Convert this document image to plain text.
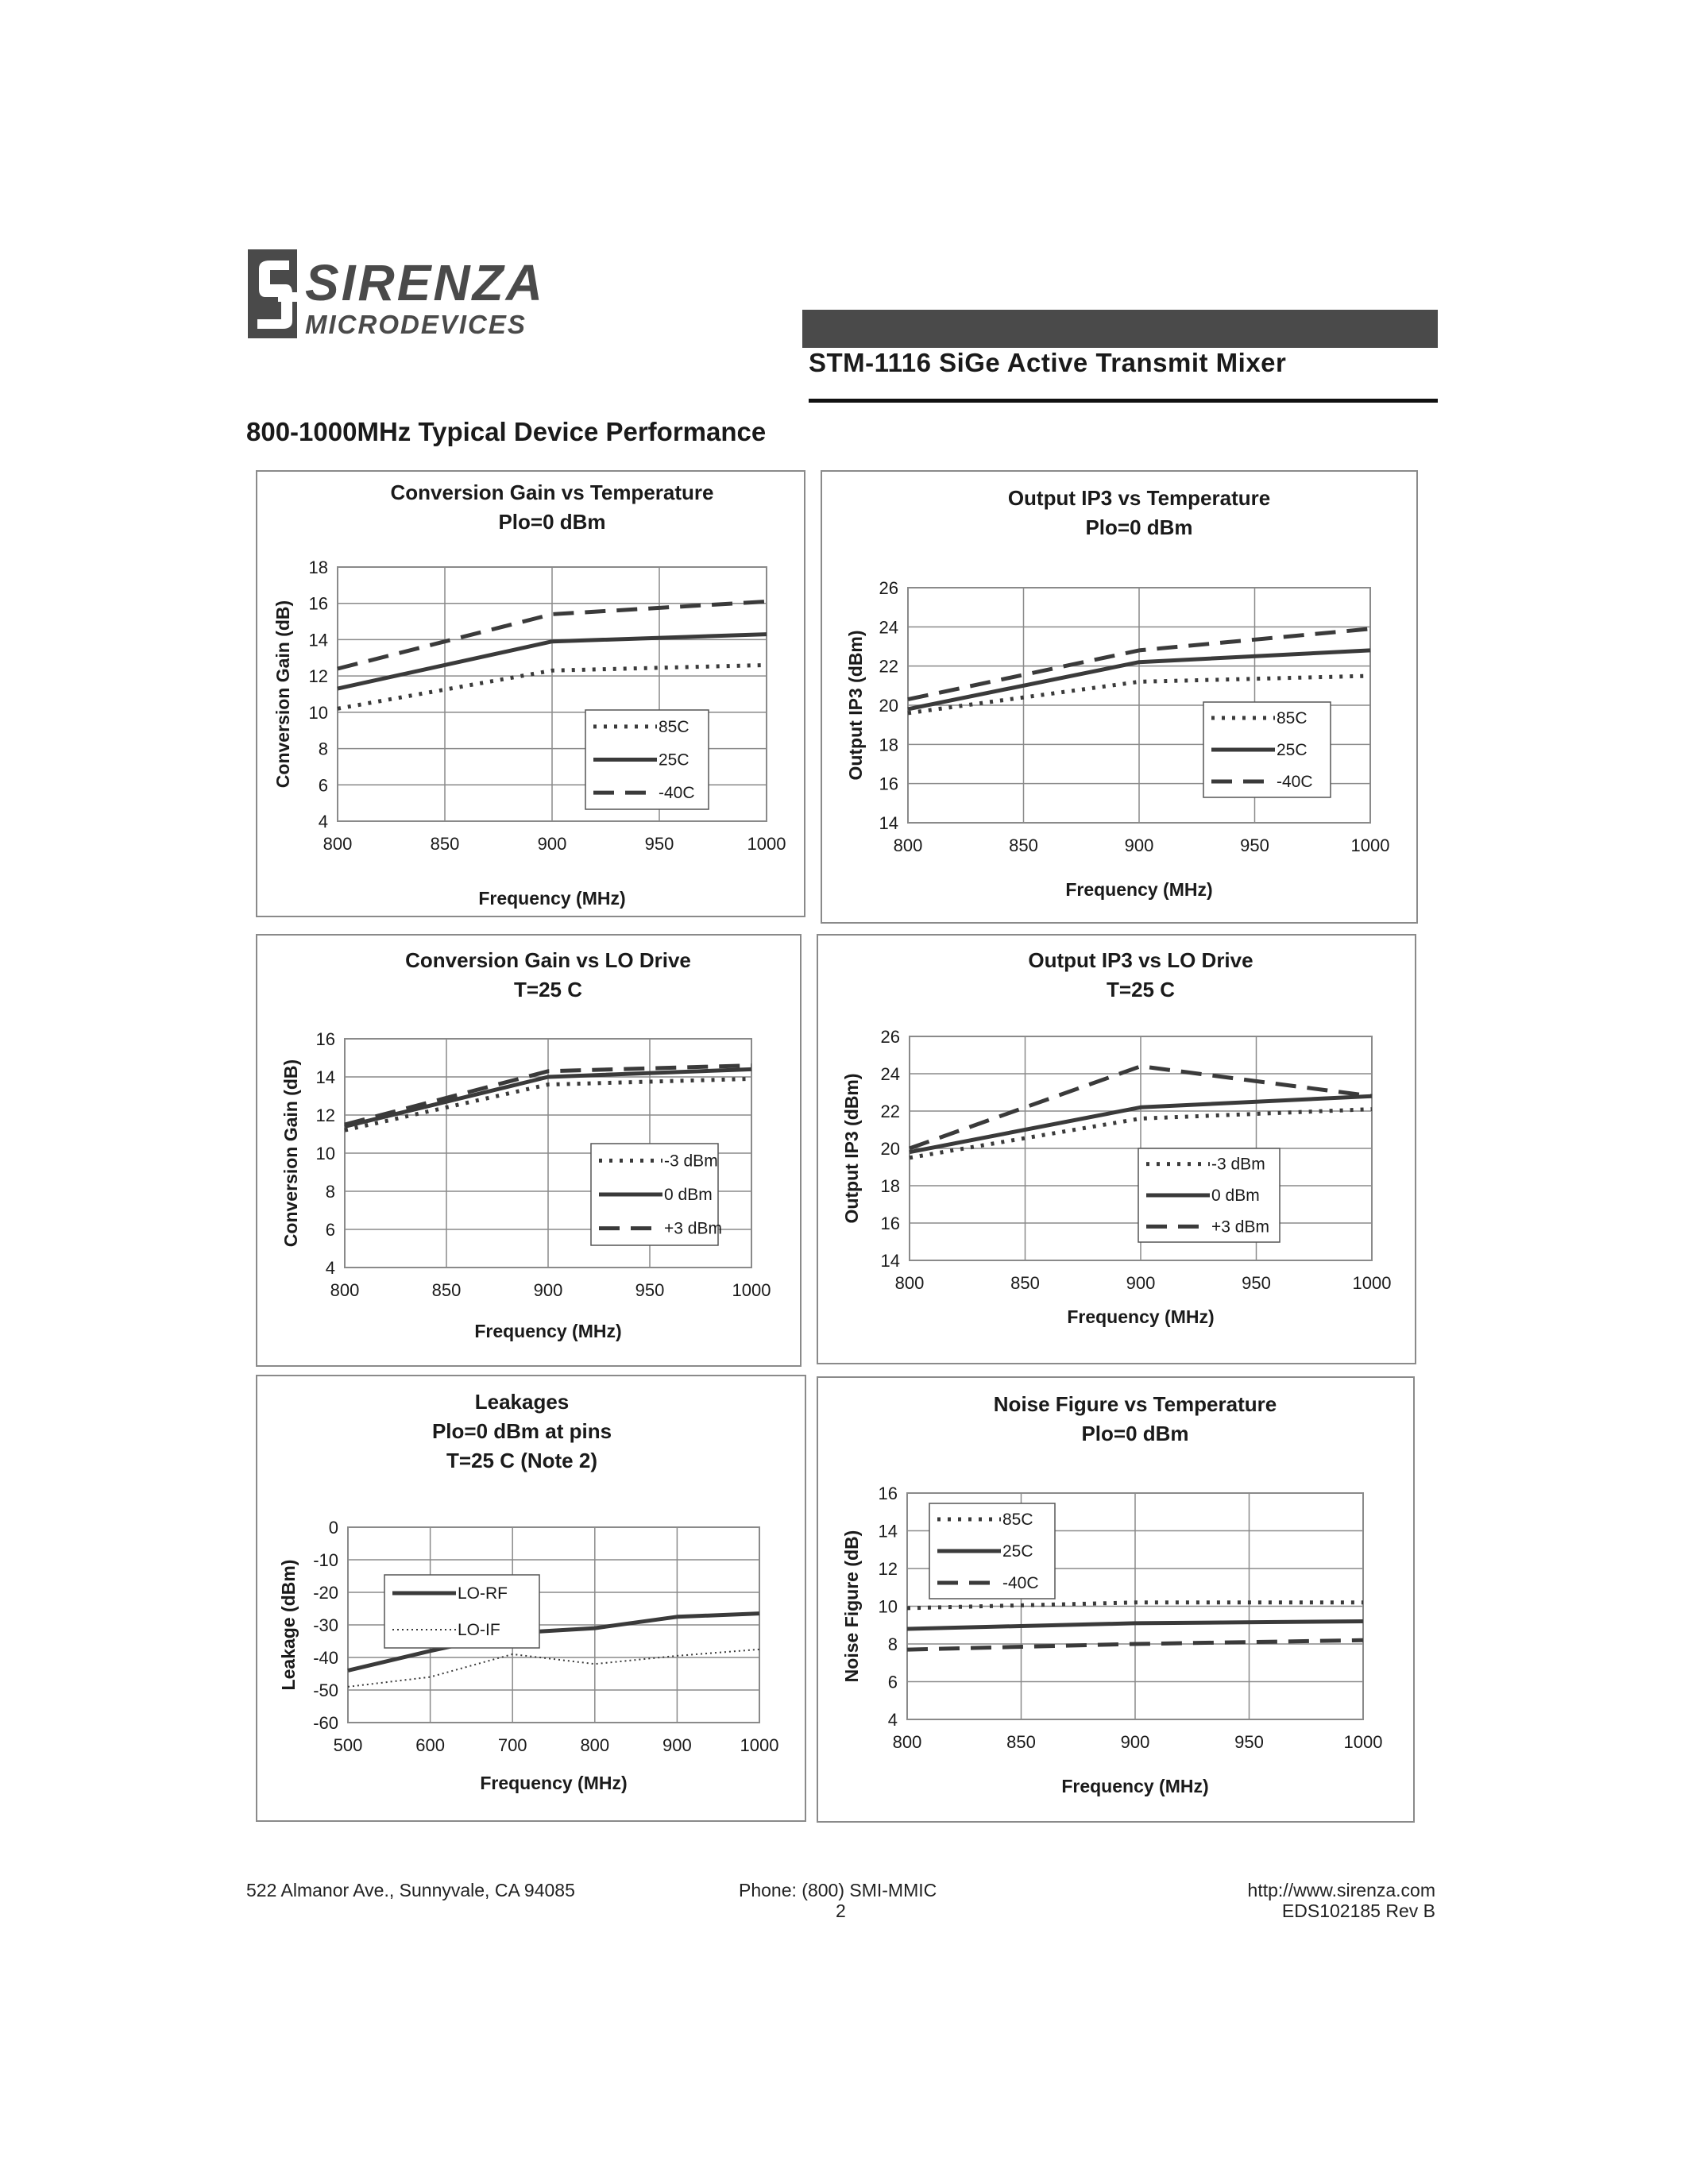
SIRENZA
MICRODEVICES
STM-1116 SiGe Active Transmit Mixer
800-1000MHz Typical Device Performance
Conversion Gain vs Temperature
Plo=0 dBm
4
6
8
10
12
14
16
18
800	850	900	950	1000
Frequency (MHz)
Conversion Gain (dB)	85C
25C
-40C
Output IP3 vs Temperature
Plo=0 dBm
14
16
18
20
22
24
26
800	850	900	950	1000
Frequency (MHz)
Output IP3 (dBm)	85C
25C
-40C
Conversion Gain vs LO Drive
T=25 C
4
6
8
10
12
14
16
800	850	900	950	1000
Frequency (MHz)
Conversion Gain (dB)	-3 dBm
0 dBm
+3 dBm
Output IP3 vs LO Drive
T=25 C
14
16
18
20
22
24
26
800	850	900	950	1000
Frequency (MHz)
Output IP3 (dBm)	-3 dBm
0 dBm
+3 dBm
Leakages
Plo=0 dBm at pins
T=25 C (Note 2)
-60
-50
-40
-30
-20
-10
0
500	600	700	800	900	1000
Frequency (MHz)
Leakage (dBm)	LO-RF
LO-IF
Noise Figure vs Temperature
Plo=0 dBm
4
6
8
10
12
14
16
800	850	900	950	1000
Frequency (MHz)
Noise Figure (dB)
85C
25C
-40C
522 Almanor Ave., Sunnyvale, CA 94085	Phone: (800) SMI-MMIC
2
http://www.sirenza.com
EDS102185 Rev B
